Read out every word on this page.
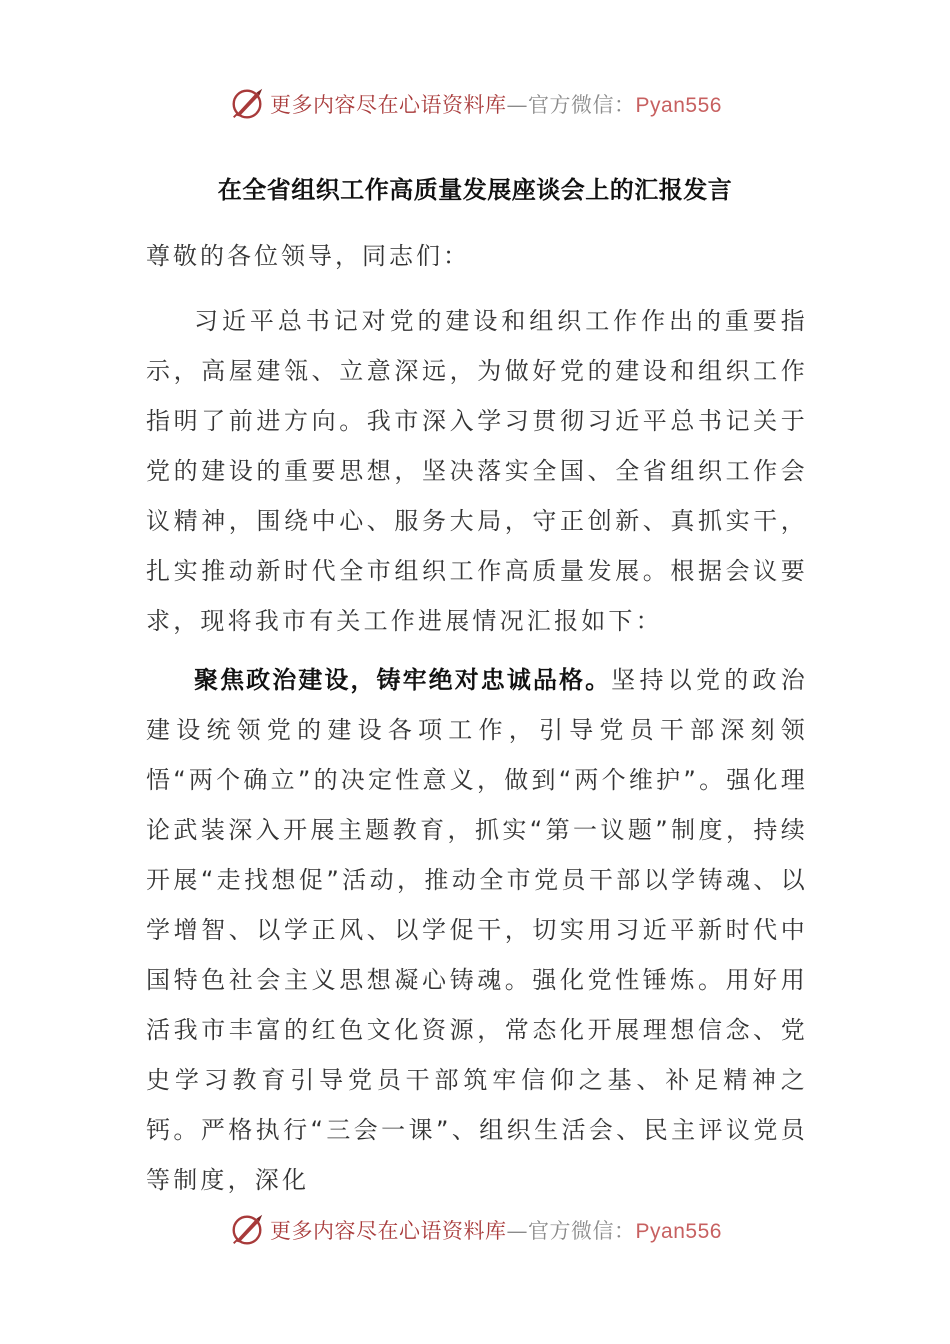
更多内容尽在心语资料库—官方微信：Pyan556
在全省组织工作高质量发展座谈会上的汇报发言
尊敬的各位领导，同志们：

习近平总书记对党的建设和组织工作作出的重要指示，高屋建瓴、立意深远，为做好党的建设和组织工作指明了前进方向。我市深入学习贯彻习近平总书记关于党的建设的重要思想，坚决落实全国、全省组织工作会议精神，围绕中心、服务大局，守正创新、真抓实干，扎实推动新时代全市组织工作高质量发展。根据会议要求，现将我市有关工作进展情况汇报如下：

聚焦政治建设，铸牢绝对忠诚品格。坚持以党的政治建设统领党的建设各项工作，引导党员干部深刻领悟“两个确立”的决定性意义，做到“两个维护”。强化理论武装深入开展主题教育，抓实“第一议题”制度，持续开展“走找想促”活动，推动全市党员干部以学铸魂、以学增智、以学正风、以学促干，切实用习近平新时代中国特色社会主义思想凝心铸魂。强化党性锤炼。用好用活我市丰富的红色文化资源，常态化开展理想信念、党史学习教育引导党员干部筑牢信仰之基、补足精神之钙。严格执行“三会一课”、组织生活会、民主评议党员等制度，深化

更多内容尽在心语资料库—官方微信：Pyan556
